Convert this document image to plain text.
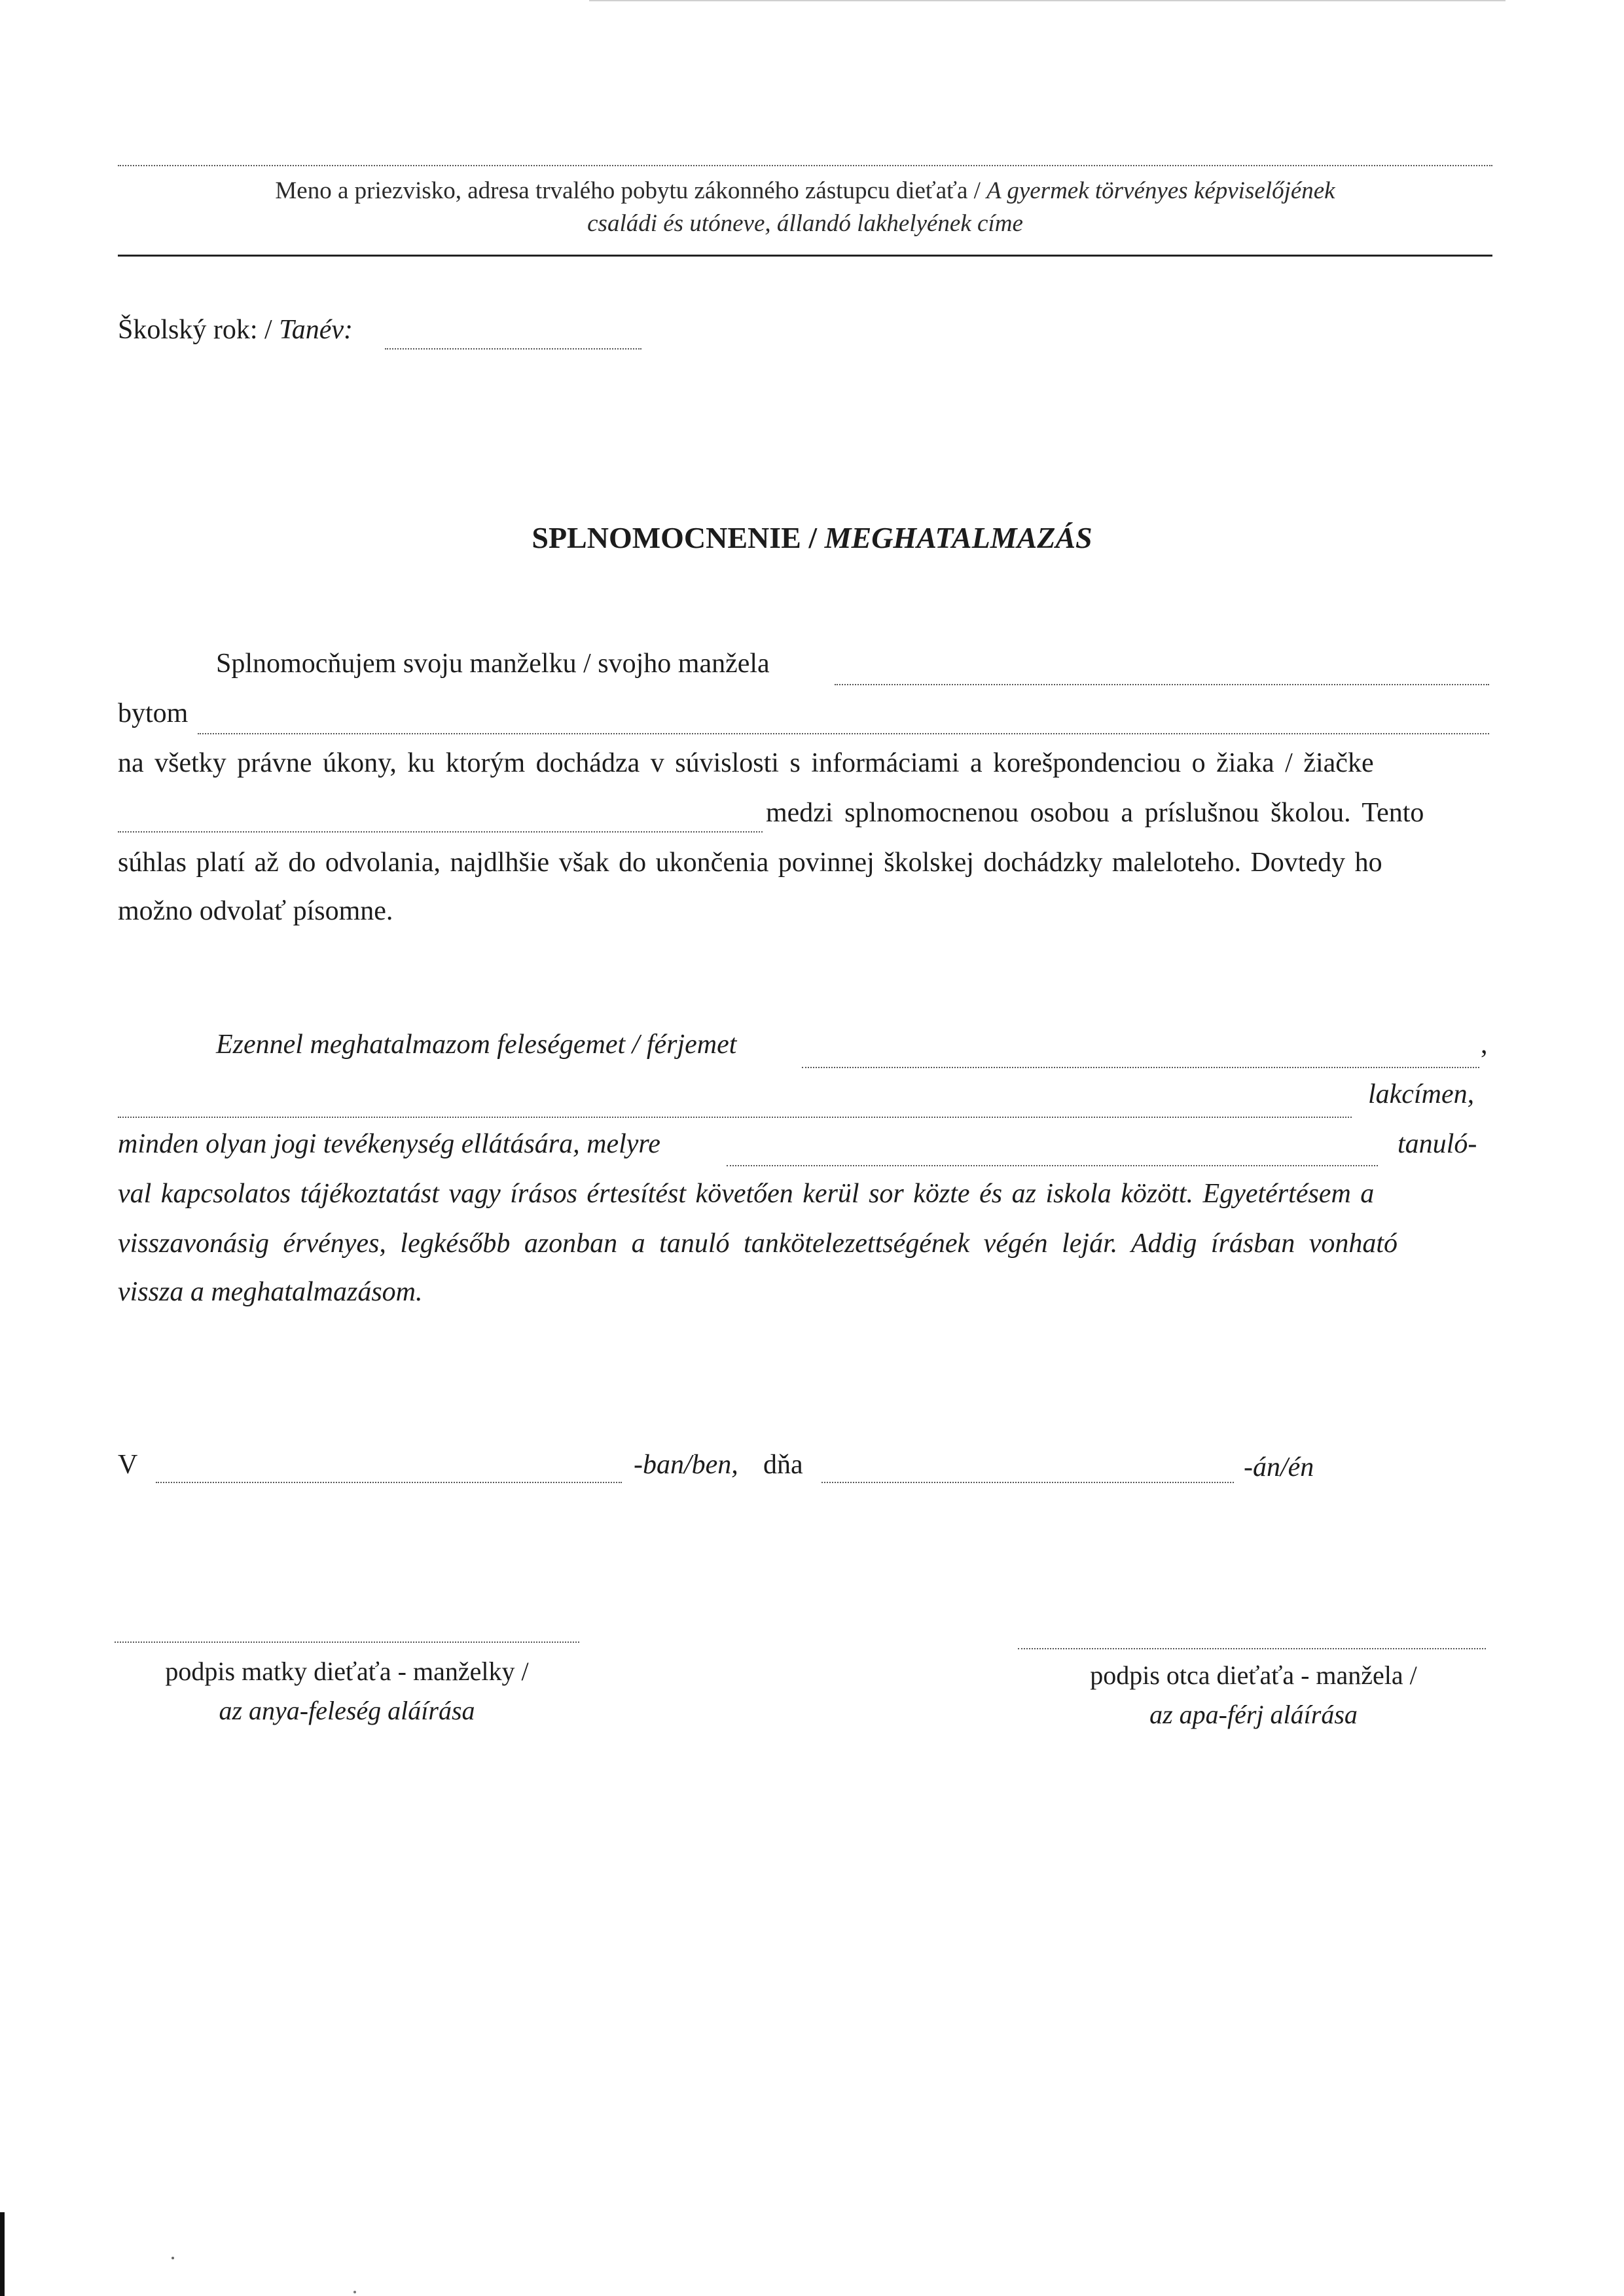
Meno a priezvisko, adresa trvalého pobytu zákonného zástupcu dieťaťa / A gyermek törvényes képviselőjének
családi és utóneve, állandó lakhelyének címe
Školský rok: / Tanév:
SPLNOMOCNENIE / MEGHATALMAZÁS
Splnomocňujem svoju manželku / svojho manžela
bytom
na všetky právne úkony, ku ktorým dochádza v súvislosti s informáciami a korešpondenciou o žiaka / žiačke
medzi splnomocnenou osobou a príslušnou školou. Tento
súhlas platí až do odvolania, najdlhšie však do ukončenia povinnej školskej dochádzky maleloteho. Dovtedy ho
možno odvolať písomne.
Ezennel meghatalmazom feleségemet / férjemet	,
lakcímen,
minden olyan jogi tevékenység ellátására, melyre	tanuló-
val kapcsolatos tájékoztatást vagy írásos értesítést követően kerül sor közte és az iskola között. Egyetértésem a
visszavonásig érvényes, legkésőbb azonban a tanuló tankötelezettségének végén lejár. Addig írásban vonható
vissza a meghatalmazásom.
V	-ban/ben, dňa	-án/én
podpis matky dieťaťa - manželky /
az anya-feleség aláírása
podpis otca dieťaťa - manžela /
az apa-férj aláírása
